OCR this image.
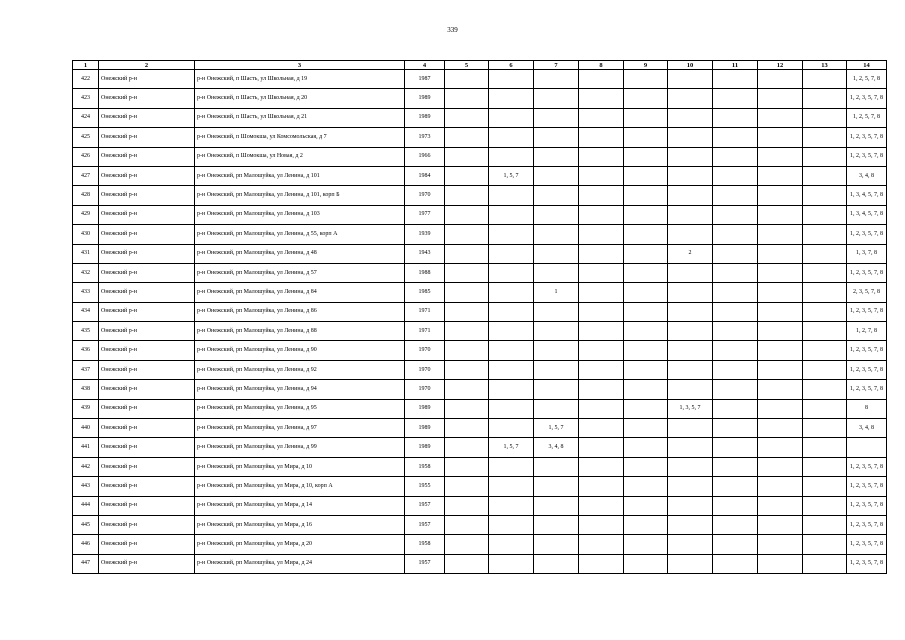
339
1	2	3	4	5	6	7	8	9	10	11	12	13	14
422	Онежский р-н	р-н Онежский, п Шасть, ул Школьная, д 19	1987										1, 2, 5, 7, 8
423	Онежский р-н	р-н Онежский, п Шасть, ул Школьная, д 20	1989										1, 2, 3, 5, 7, 8
424	Онежский р-н	р-н Онежский, п Шасть, ул Школьная, д 21	1989										1, 2, 5, 7, 8
425	Онежский р-н	р-н Онежский, п Шомокша, ул Комсомольская, д 7	1973										1, 2, 3, 5, 7, 8
426	Онежский р-н	р-н Онежский, п Шомокша, ул Новая, д 2	1966										1, 2, 3, 5, 7, 8
427	Онежский р-н	р-н Онежский, рп Малошуйка, ул Ленина, д 101	1984		1, 5, 7								3, 4, 8
428	Онежский р-н	р-н Онежский, рп Малошуйка, ул Ленина, д 101, корп Б	1970										1, 3, 4, 5, 7, 8
429	Онежский р-н	р-н Онежский, рп Малошуйка, ул Ленина, д 103	1977										1, 3, 4, 5, 7, 8
430	Онежский р-н	р-н Онежский, рп Малошуйка, ул Ленина, д 55, корп А	1939										1, 2, 3, 5, 7, 8
431	Онежский р-н	р-н Онежский, рп Малошуйка, ул Ленина, д 48	1943						2				1, 3, 7, 8
432	Онежский р-н	р-н Онежский, рп Малошуйка, ул Ленина, д 57	1988										1, 2, 3, 5, 7, 8
433	Онежский р-н	р-н Онежский, рп Малошуйка, ул Ленина, д 84	1985			1							2, 3, 5, 7, 8
434	Онежский р-н	р-н Онежский, рп Малошуйка, ул Ленина, д 86	1971										1, 2, 3, 5, 7, 8
435	Онежский р-н	р-н Онежский, рп Малошуйка, ул Ленина, д 88	1971										1, 2, 7, 8
436	Онежский р-н	р-н Онежский, рп Малошуйка, ул Ленина, д 90	1970										1, 2, 3, 5, 7, 8
437	Онежский р-н	р-н Онежский, рп Малошуйка, ул Ленина, д 92	1970										1, 2, 3, 5, 7, 8
438	Онежский р-н	р-н Онежский, рп Малошуйка, ул Ленина, д 94	1970										1, 2, 3, 5, 7, 8
439	Онежский р-н	р-н Онежский, рп Малошуйка, ул Ленина, д 95	1989						1, 3, 5, 7				8
440	Онежский р-н	р-н Онежский, рп Малошуйка, ул Ленина, д 97	1989			1, 5, 7							3, 4, 8
441	Онежский р-н	р-н Онежский, рп Малошуйка, ул Ленина, д 99	1989		1, 5, 7	3, 4, 8							
442	Онежский р-н	р-н Онежский, рп Малошуйка, ул Мира, д 10	1958										1, 2, 3, 5, 7, 8
443	Онежский р-н	р-н Онежский, рп Малошуйка, ул Мира, д 10, корп А	1955										1, 2, 3, 5, 7, 8
444	Онежский р-н	р-н Онежский, рп Малошуйка, ул Мира, д 14	1957										1, 2, 3, 5, 7, 8
445	Онежский р-н	р-н Онежский, рп Малошуйка, ул Мира, д 16	1957										1, 2, 3, 5, 7, 8
446	Онежский р-н	р-н Онежский, рп Малошуйка, ул Мира, д 20	1958										1, 2, 3, 5, 7, 8
447	Онежский р-н	р-н Онежский, рп Малошуйка, ул Мира, д 24	1957										1, 2, 3, 5, 7, 8
